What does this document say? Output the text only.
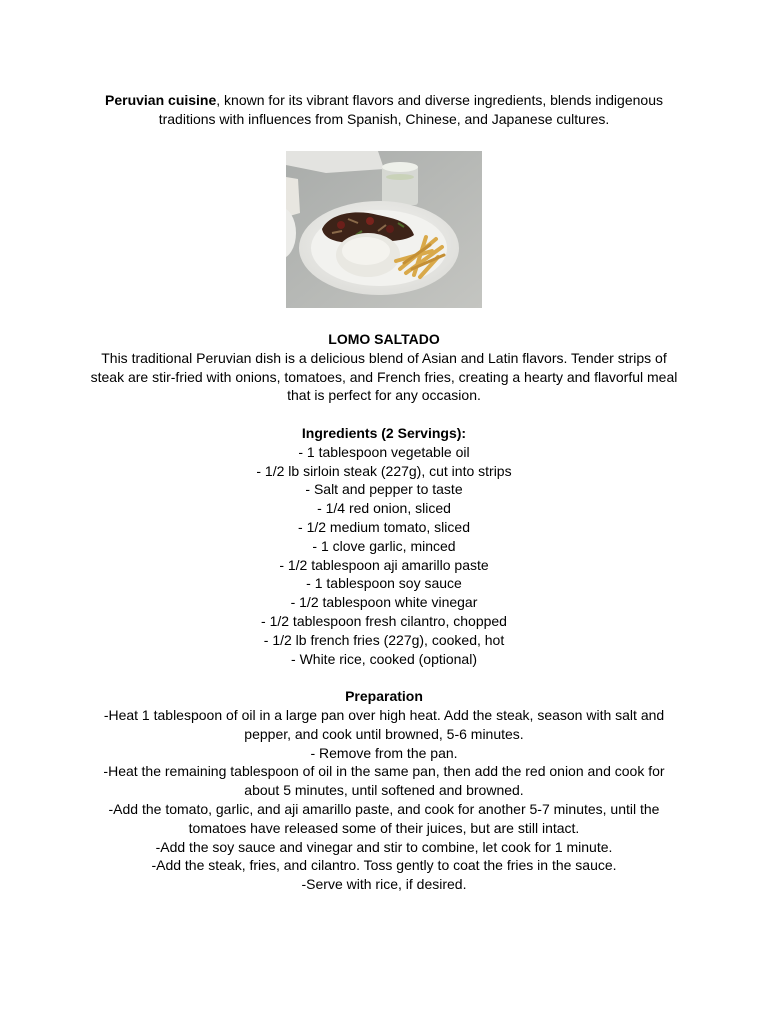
Peruvian cuisine, known for its vibrant flavors and diverse ingredients, blends indigenous traditions with influences from Spanish, Chinese, and Japanese cultures.

LOMO SALTADO

This traditional Peruvian dish is a delicious blend of Asian and Latin flavors. Tender strips of steak are stir-fried with onions, tomatoes, and French fries, creating a hearty and flavorful meal that is perfect for any occasion.

Ingredients (2 Servings):

- 1 tablespoon vegetable oil
- 1/2 lb sirloin steak (227g), cut into strips
- Salt and pepper to taste
- 1/4 red onion, sliced
- 1/2 medium tomato, sliced
- 1 clove garlic, minced
- 1/2 tablespoon aji amarillo paste
- 1 tablespoon soy sauce
- 1/2 tablespoon white vinegar
- 1/2 tablespoon fresh cilantro, chopped
- 1/2 lb french fries (227g), cooked, hot
- White rice, cooked (optional)

Preparation

-Heat 1 tablespoon of oil in a large pan over high heat. Add the steak, season with salt and pepper, and cook until browned, 5-6 minutes.
- Remove from the pan.
-Heat the remaining tablespoon of oil in the same pan, then add the red onion and cook for about 5 minutes, until softened and browned.
-Add the tomato, garlic, and aji amarillo paste, and cook for another 5-7 minutes, until the tomatoes have released some of their juices, but are still intact.
-Add the soy sauce and vinegar and stir to combine, let cook for 1 minute.
-Add the steak, fries, and cilantro. Toss gently to coat the fries in the sauce.
-Serve with rice, if desired.
